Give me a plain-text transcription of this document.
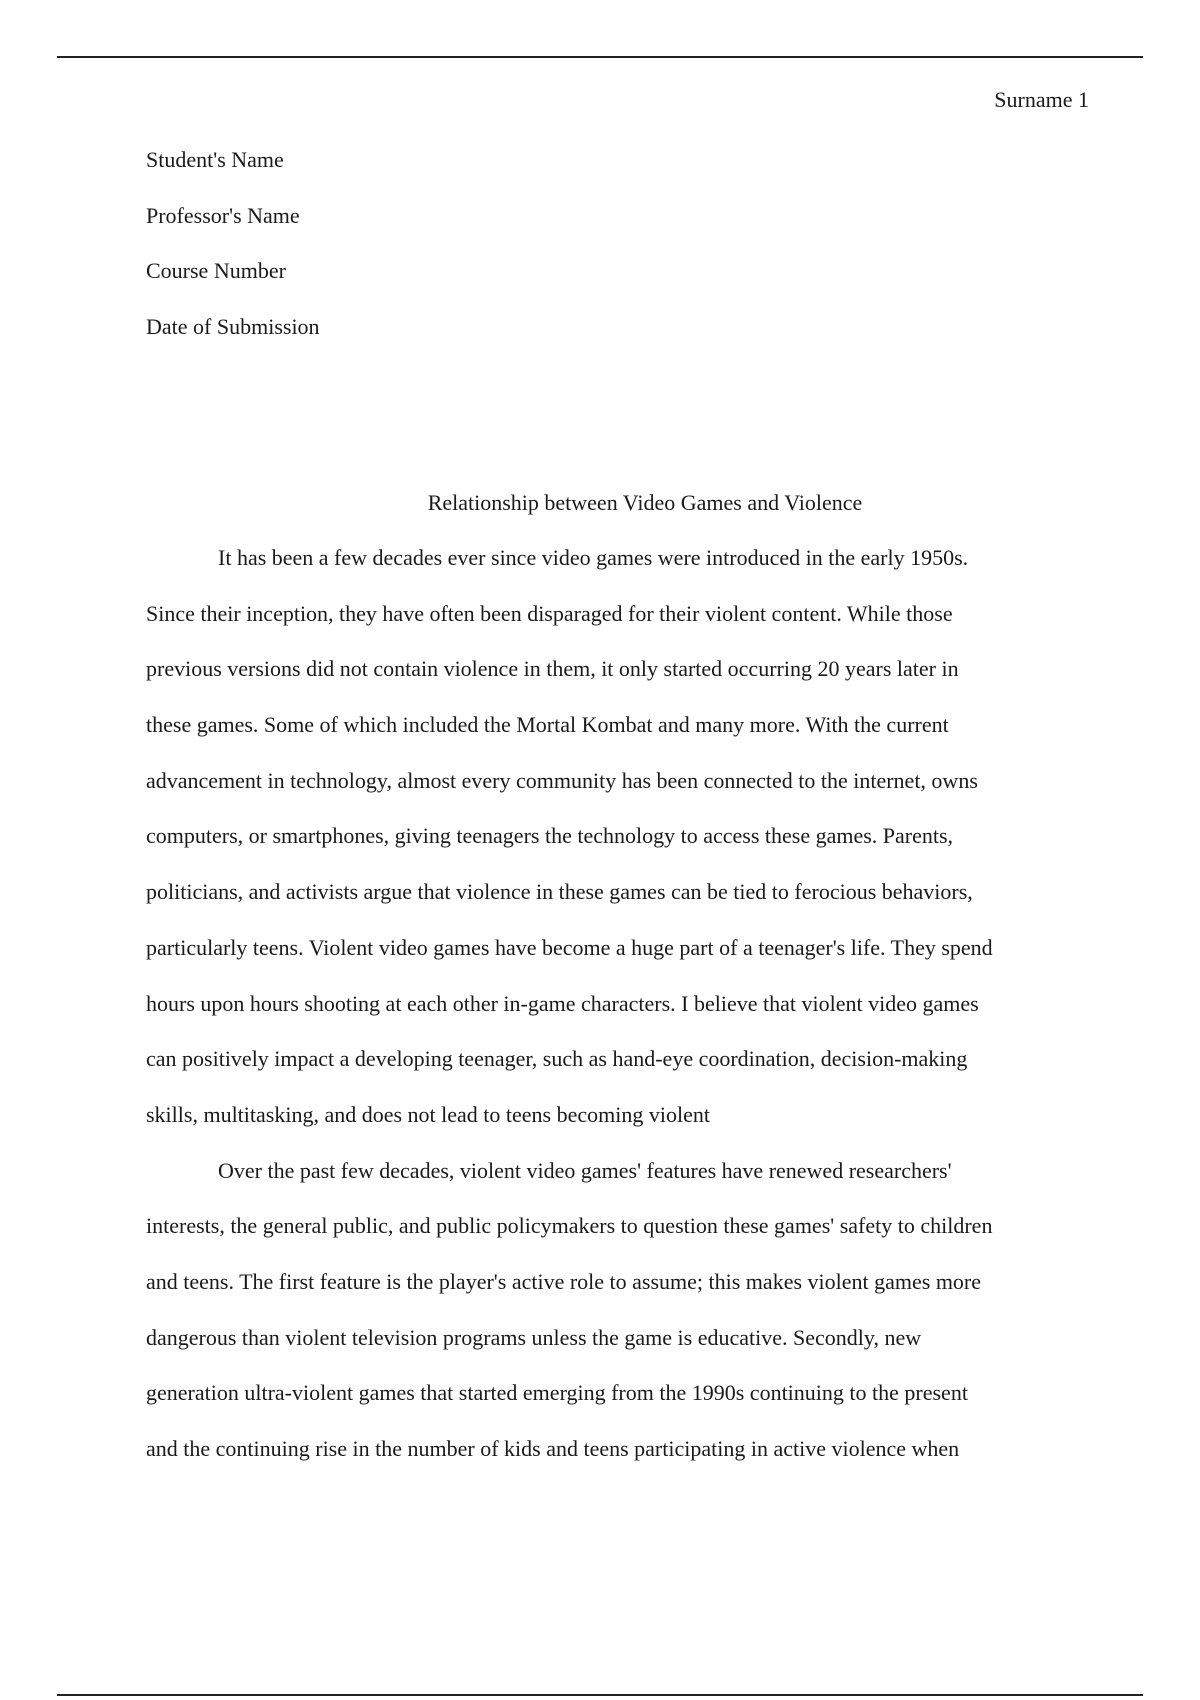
Surname 1
Student's Name
Professor's Name
Course Number
Date of Submission
Relationship between Video Games and Violence
It has been a few decades ever since video games were introduced in the early 1950s.
Since their inception, they have often been disparaged for their violent content. While those
previous versions did not contain violence in them, it only started occurring 20 years later in
these games. Some of which included the Mortal Kombat and many more. With the current
advancement in technology, almost every community has been connected to the internet, owns
computers, or smartphones, giving teenagers the technology to access these games. Parents,
politicians, and activists argue that violence in these games can be tied to ferocious behaviors,
particularly teens. Violent video games have become a huge part of a teenager's life. They spend
hours upon hours shooting at each other in-game characters. I believe that violent video games
can positively impact a developing teenager, such as hand-eye coordination, decision-making
skills, multitasking, and does not lead to teens becoming violent
Over the past few decades, violent video games' features have renewed researchers'
interests, the general public, and public policymakers to question these games' safety to children
and teens. The first feature is the player's active role to assume; this makes violent games more
dangerous than violent television programs unless the game is educative. Secondly, new
generation ultra-violent games that started emerging from the 1990s continuing to the present
and the continuing rise in the number of kids and teens participating in active violence when
